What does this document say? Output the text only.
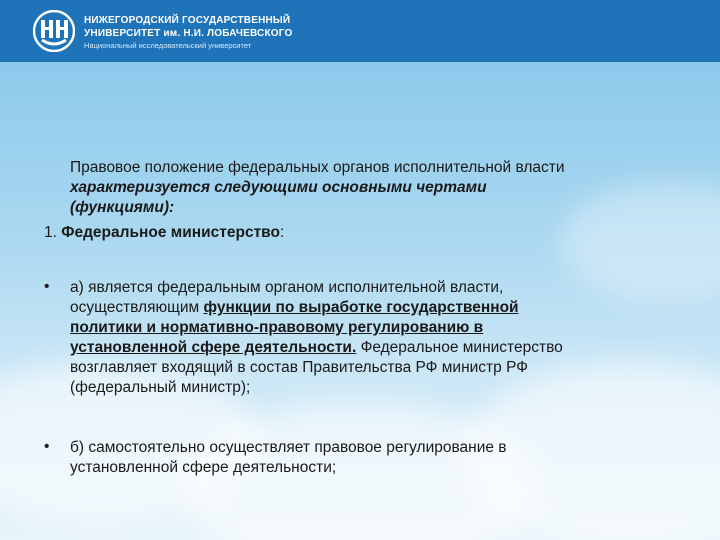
НИЖЕГОРОДСКИЙ ГОСУДАРСТВЕННЫЙ
УНИВЕРСИТЕТ им. Н.И. ЛОБАЧЕВСКОГО
Национальный исследовательский университет
Правовое положение федеральных органов исполнительной власти
характеризуется следующими основными чертами
(функциями):
1. Федеральное министерство:
• а) является федеральным органом исполнительной власти,
осуществляющим функции по выработке государственной
политики и нормативно-правовому регулированию в
установленной сфере деятельности. Федеральное министерство
возглавляет входящий в состав Правительства РФ министр РФ
(федеральный министр);
• б) самостоятельно осуществляет правовое регулирование в
установленной сфере деятельности;
